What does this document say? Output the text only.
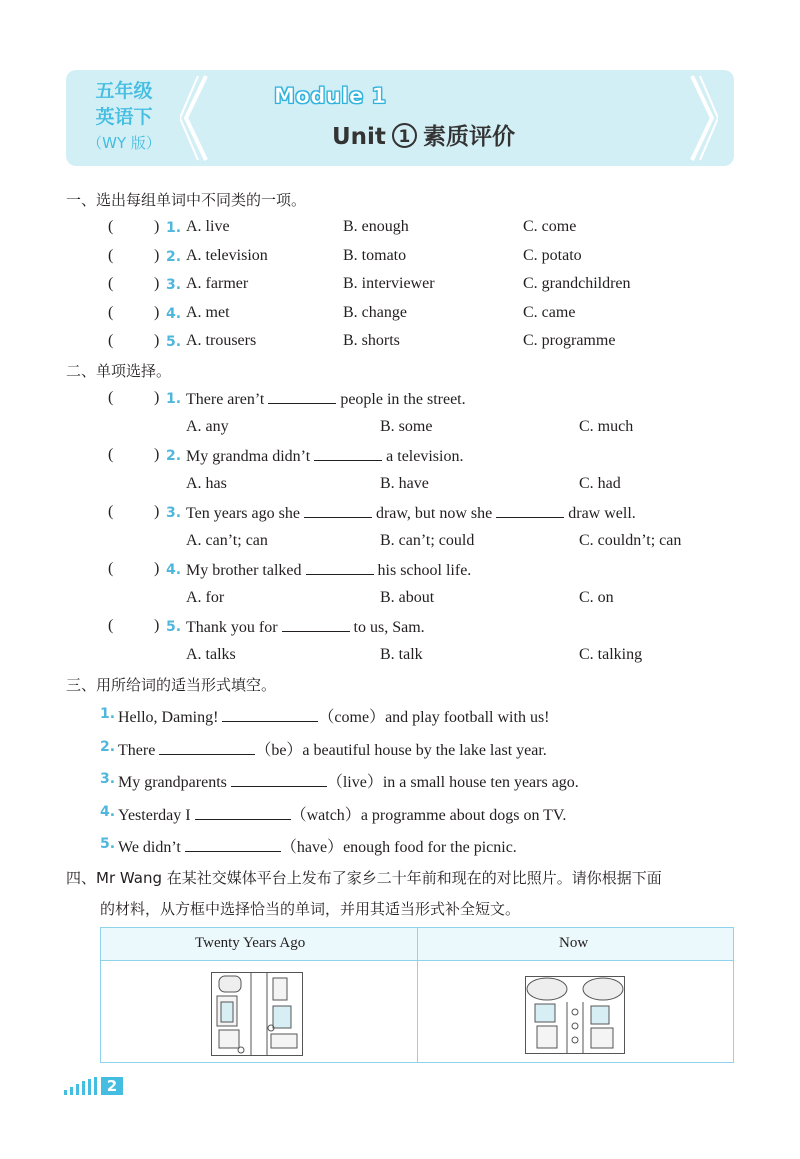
五年级
英语下
（WY 版）
Module 1
Unit 1 素质评价
一、选出每组单词中不同类的一项。
(	) 1. A. live	B. enough	C. come
(	) 2. A. television	B. tomato	C. potato
(	) 3. A. farmer	B. interviewer	C. grandchildren
(	) 4. A. met	B. change	C. came
(	) 5. A. trousers	B. shorts	C. programme
二、单项选择。
(	) 1. There aren’t	people in the street.
A. any	B. some	C. much
(	) 2. My grandma didn’t	a television.
A. has	B. have	C. had
(	) 3. Ten years ago she	draw, but now she	draw well.
A. can’t; can	B. can’t; could	C. couldn’t; can
(	) 4. My brother talked	his school life.
A. for	B. about	C. on
(	) 5. Thank you for	to us, Sam.
A. talks	B. talk	C. talking
三、用所给词的适当形式填空。
1. Hello, Daming!	（come）and play football with us!
2. There	（be）a beautiful house by the lake last year.
3. My grandparents	（live）in a small house ten years ago.
4. Yesterday I	（watch）a programme about dogs on TV.
5. We didn’t	（have）enough food for the picnic.
四、Mr Wang 在某社交媒体平台上发布了家乡二十年前和现在的对比照片。请你根据下面
的材料，从方框中选择恰当的单词，并用其适当形式补全短文。
Twenty Years Ago	Now
2
